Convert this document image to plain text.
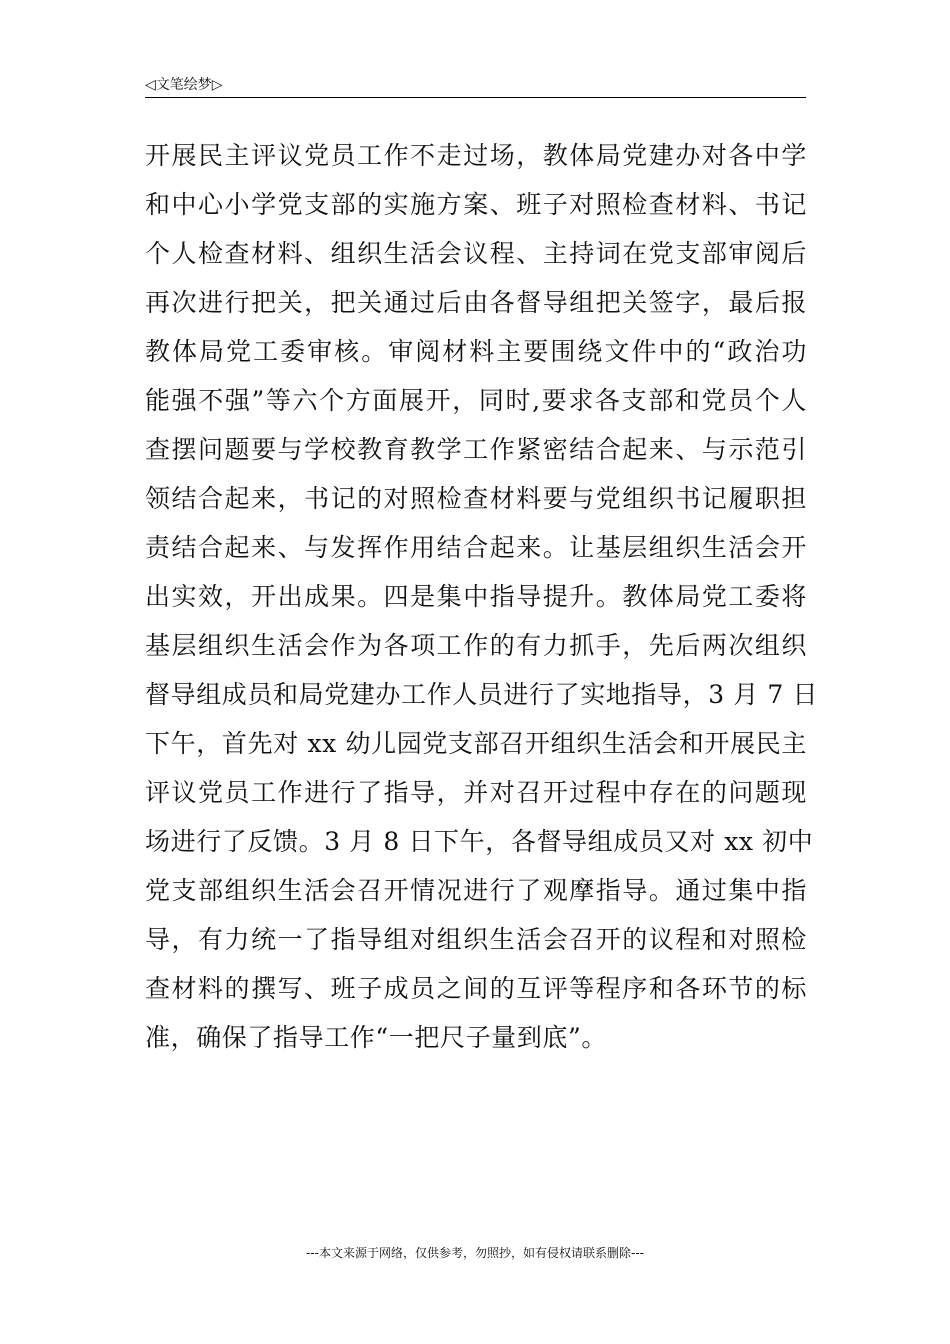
◁文笔绘梦▷
开展民主评议党员工作不走过场，教体局党建办对各中学
和中心小学党支部的实施方案、班子对照检查材料、书记
个人检查材料、组织生活会议程、主持词在党支部审阅后
再次进行把关，把关通过后由各督导组把关签字，最后报
教体局党工委审核。审阅材料主要围绕文件中的“政治功
能强不强”等六个方面展开，同时,要求各支部和党员个人
查摆问题要与学校教育教学工作紧密结合起来、与示范引
领结合起来，书记的对照检查材料要与党组织书记履职担
责结合起来、与发挥作用结合起来。让基层组织生活会开
出实效，开出成果。四是集中指导提升。教体局党工委将
基层组织生活会作为各项工作的有力抓手，先后两次组织
督导组成员和局党建办工作人员进行了实地指导，3 月 7 日
下午，首先对 xx 幼儿园党支部召开组织生活会和开展民主
评议党员工作进行了指导，并对召开过程中存在的问题现
场进行了反馈。3 月 8 日下午，各督导组成员又对 xx 初中
党支部组织生活会召开情况进行了观摩指导。通过集中指
导，有力统一了指导组对组织生活会召开的议程和对照检
查材料的撰写、班子成员之间的互评等程序和各环节的标
准，确保了指导工作“一把尺子量到底”。
---本文来源于网络，仅供参考，勿照抄，如有侵权请联系删除---
